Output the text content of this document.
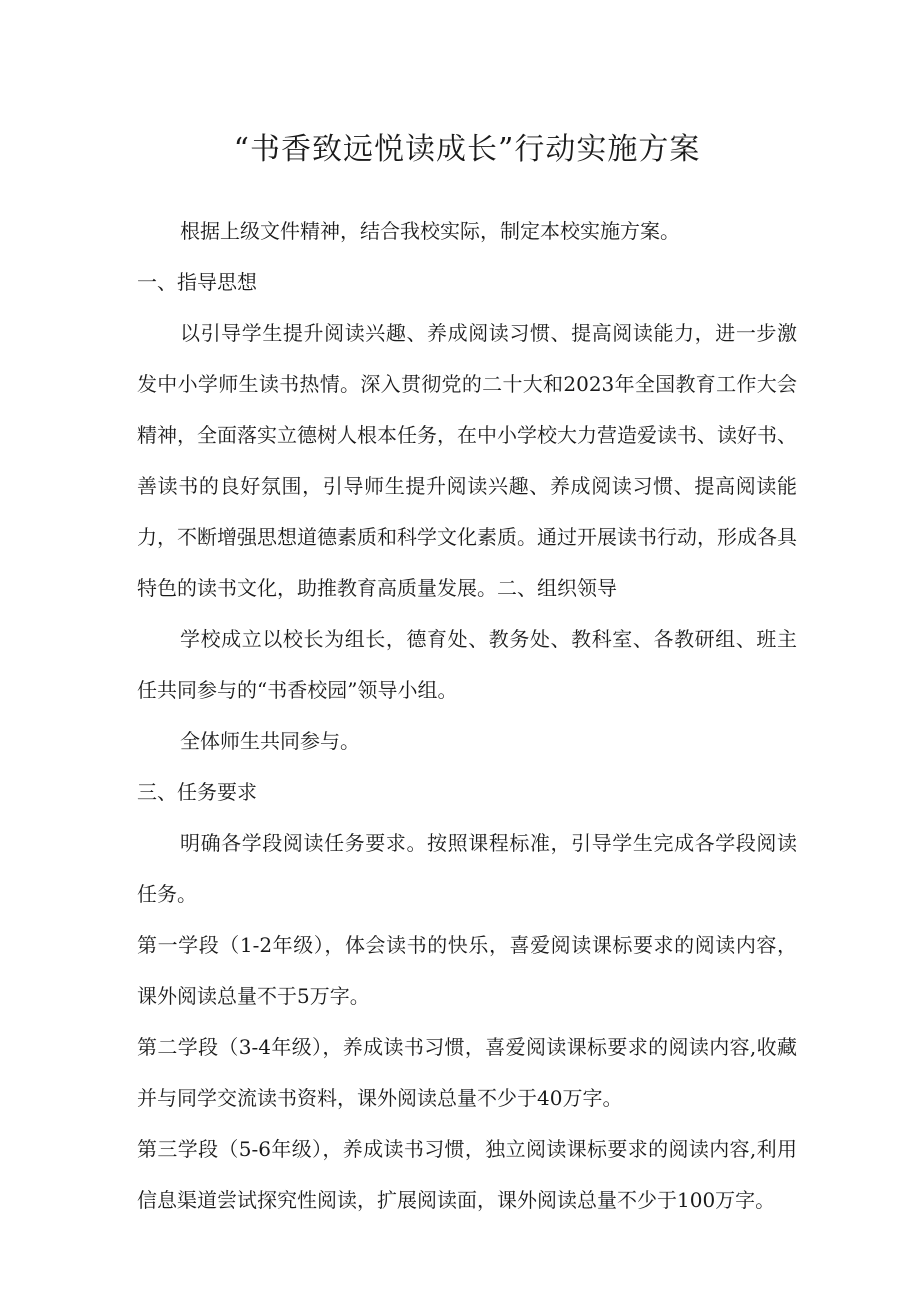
“书香致远悦读成长”行动实施方案

根据上级文件精神，结合我校实际，制定本校实施方案。

一、指导思想

以引导学生提升阅读兴趣、养成阅读习惯、提高阅读能力，进一步激发中小学师生读书热情。深入贯彻党的二十大和2023年全国教育工作大会精神，全面落实立德树人根本任务，在中小学校大力营造爱读书、读好书、善读书的良好氛围，引导师生提升阅读兴趣、养成阅读习惯、提高阅读能力，不断增强思想道德素质和科学文化素质。通过开展读书行动，形成各具特色的读书文化，助推教育高质量发展。二、组织领导

学校成立以校长为组长，德育处、教务处、教科室、各教研组、班主任共同参与的“书香校园”领导小组。

全体师生共同参与。

三、任务要求

明确各学段阅读任务要求。按照课程标准，引导学生完成各学段阅读任务。

第一学段（1-2年级），体会读书的快乐，喜爱阅读课标要求的阅读内容，课外阅读总量不于5万字。

第二学段（3-4年级），养成读书习惯，喜爱阅读课标要求的阅读内容,收藏并与同学交流读书资料，课外阅读总量不少于40万字。

第三学段（5-6年级），养成读书习惯，独立阅读课标要求的阅读内容,利用信息渠道尝试探究性阅读，扩展阅读面，课外阅读总量不少于100万字。
